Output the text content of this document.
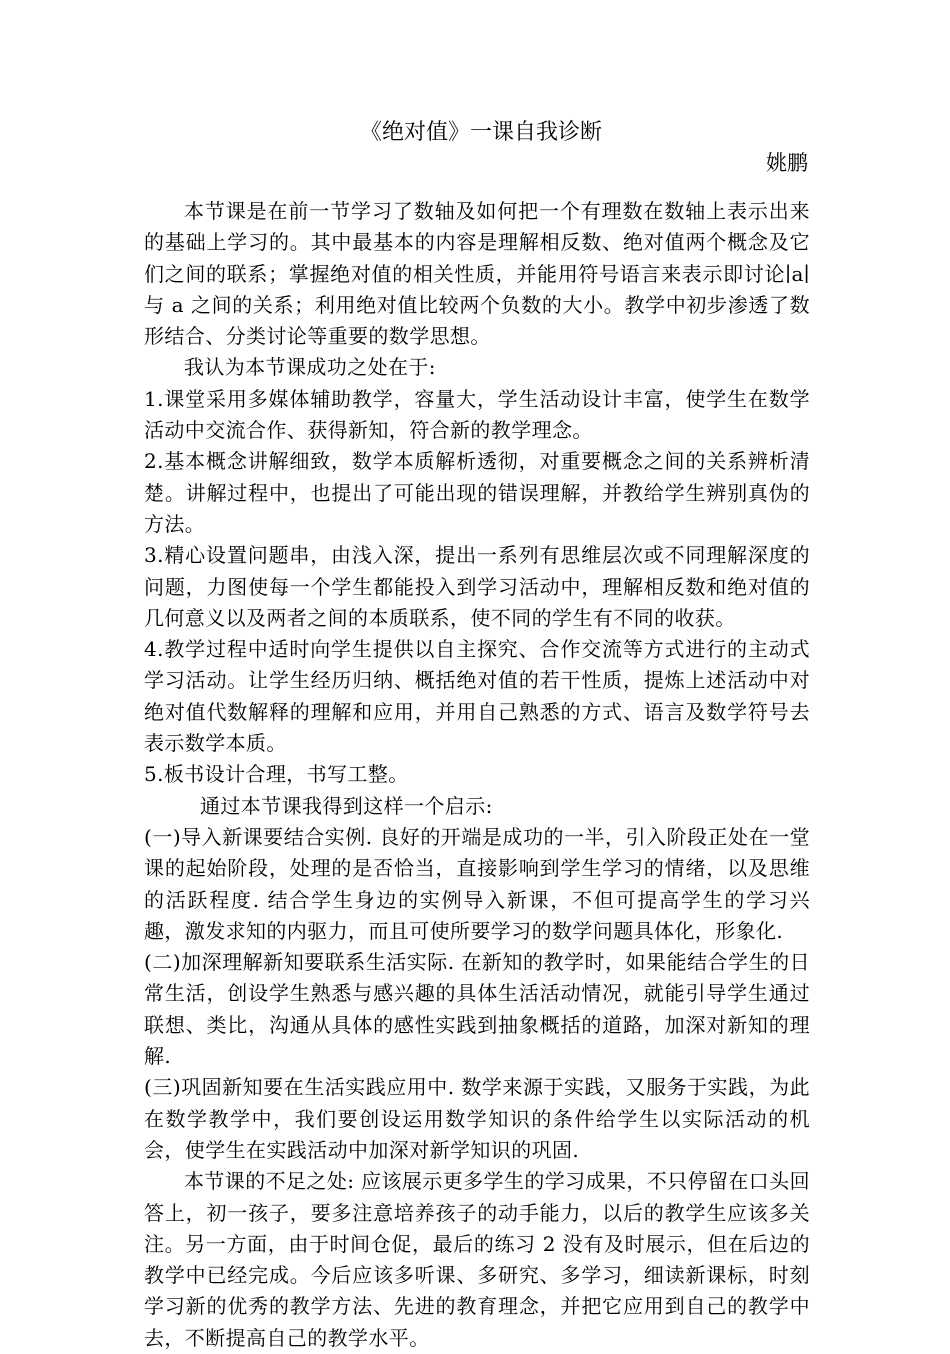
《绝对值》一课自我诊断
姚鹏

本节课是在前一节学习了数轴及如何把一个有理数在数轴上表示出来的基础上学习的。其中最基本的内容是理解相反数、绝对值两个概念及它们之间的联系；掌握绝对值的相关性质，并能用符号语言来表示即讨论∣a∣与 a 之间的关系；利用绝对值比较两个负数的大小。教学中初步渗透了数形结合、分类讨论等重要的数学思想。

我认为本节课成功之处在于:

1.课堂采用多媒体辅助教学，容量大，学生活动设计丰富，使学生在数学活动中交流合作、获得新知，符合新的教学理念。

2.基本概念讲解细致，数学本质解析透彻，对重要概念之间的关系辨析清楚。讲解过程中，也提出了可能出现的错误理解，并教给学生辨别真伪的方法。

3.精心设置问题串，由浅入深，提出一系列有思维层次或不同理解深度的问题，力图使每一个学生都能投入到学习活动中，理解相反数和绝对值的几何意义以及两者之间的本质联系，使不同的学生有不同的收获。

4.教学过程中适时向学生提供以自主探究、合作交流等方式进行的主动式学习活动。让学生经历归纳、概括绝对值的若干性质，提炼上述活动中对绝对值代数解释的理解和应用，并用自己熟悉的方式、语言及数学符号去表示数学本质。

5.板书设计合理，书写工整。

通过本节课我得到这样一个启示:

(一)导入新课要结合实例. 良好的开端是成功的一半，引入阶段正处在一堂课的起始阶段，处理的是否恰当，直接影响到学生学习的情绪，以及思维的活跃程度. 结合学生身边的实例导入新课，不但可提高学生的学习兴趣，激发求知的内驱力，而且可使所要学习的数学问题具体化，形象化.

(二)加深理解新知要联系生活实际. 在新知的教学时，如果能结合学生的日常生活，创设学生熟悉与感兴趣的具体生活活动情况，就能引导学生通过联想、类比，沟通从具体的感性实践到抽象概括的道路，加深对新知的理解.

(三)巩固新知要在生活实践应用中. 数学来源于实践，又服务于实践，为此在数学教学中，我们要创设运用数学知识的条件给学生以实际活动的机会，使学生在实践活动中加深对新学知识的巩固.

本节课的不足之处: 应该展示更多学生的学习成果，不只停留在口头回答上，初一孩子，要多注意培养孩子的动手能力，以后的教学生应该多关注。另一方面，由于时间仓促，最后的练习 2 没有及时展示，但在后边的教学中已经完成。今后应该多听课、多研究、多学习，细读新课标，时刻学习新的优秀的教学方法、先进的教育理念，并把它应用到自己的教学中去，不断提高自己的教学水平。
